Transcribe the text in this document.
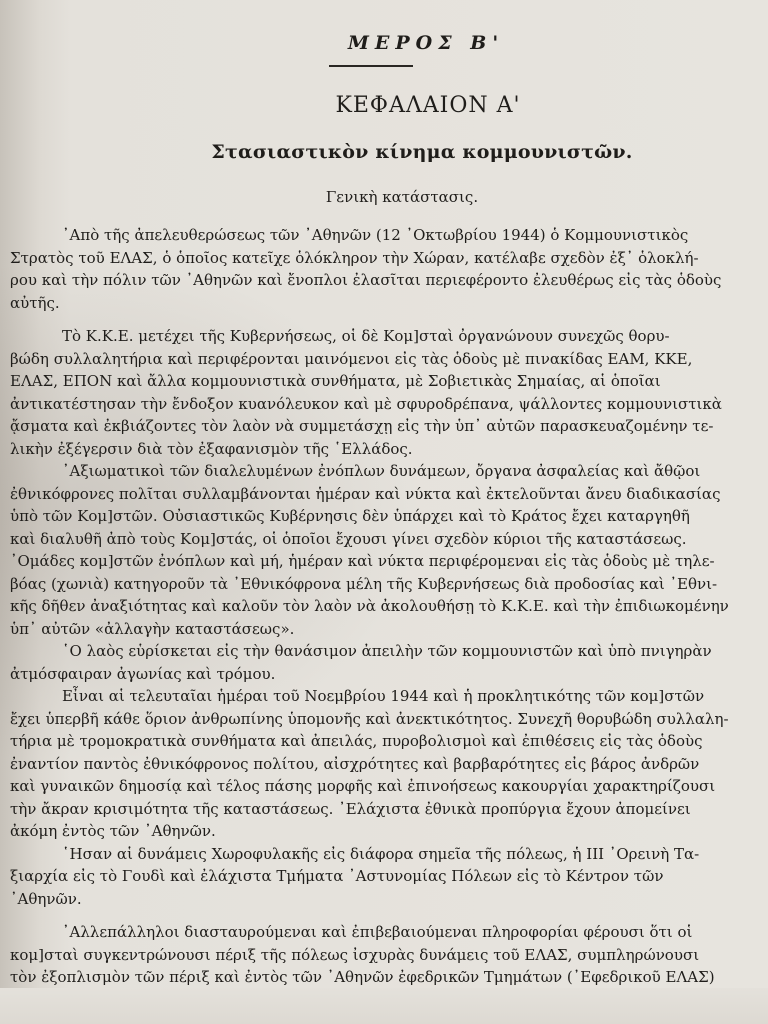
ΜΕΡΟΣ Β'
ΚΕΦΑΛΑΙΟΝ Α'
Στασιαστικὸν κίνημα κομμουνιστῶν.
Γενικὴ κατάστασις.
᾿Απὸ τῆς ἀπελευθερώσεως τῶν ᾿Αθηνῶν (12 ᾿Οκτωβρίου 1944) ὁ Κομμουνιστικὸς
Στρατὸς τοῦ ΕΛΑΣ, ὁ ὁποῖος κατεῖχε ὁλόκληρον τὴν Χώραν, κατέλαβε σχεδὸν ἐξ᾿ ὁλοκλή-
ρου καὶ τὴν πόλιν τῶν ᾿Αθηνῶν καὶ ἔνοπλοι ἐλασῖται περιεφέροντο ἐλευθέρως εἰς τὰς ὁδοὺς
αὐτῆς.
Τὸ Κ.Κ.Ε. μετέχει τῆς Κυβερνήσεως, οἱ δὲ Κομ]σταὶ ὀργανώνουν συνεχῶς θορυ-
βώδη συλλαλητήρια καὶ περιφέρονται μαινόμενοι εἰς τὰς ὁδοὺς μὲ πινακίδας ΕΑΜ, ΚΚΕ,
ΕΛΑΣ, ΕΠΟΝ καὶ ἄλλα κομμουνιστικὰ συνθήματα, μὲ Σοβιετικὰς Σημαίας, αἱ ὁποῖαι
ἀντικατέστησαν τὴν ἔνδοξον κυανόλευκον καὶ μὲ σφυροδρέπανα, ψάλλοντες κομμουνιστικὰ
ᾄσματα καὶ ἐκβιάζοντες τὸν λαὸν νὰ συμμετάσχῃ εἰς τὴν ὑπ᾿ αὐτῶν παρασκευαζομένην τε-
λικὴν ἐξέγερσιν διὰ τὸν ἐξαφανισμὸν τῆς ῾Ελλάδος.
᾿Αξιωματικοὶ τῶν διαλελυμένων ἐνόπλων δυνάμεων, ὄργανα ἀσφαλείας καὶ ἄθῷοι
ἐθνικόφρονες πολῖται συλλαμβάνονται ἡμέραν καὶ νύκτα καὶ ἐκτελοῦνται ἄνευ διαδικασίας
ὑπὸ τῶν Κομ]στῶν. Οὐσιαστικῶς Κυβέρνησις δὲν ὑπάρχει καὶ τὸ Κράτος ἔχει καταργηθῆ
καὶ διαλυθῆ ἀπὸ τοὺς Κομ]στάς, οἱ ὁποῖοι ἔχουσι γίνει σχεδὸν κύριοι τῆς καταστάσεως.
᾿Ομάδες κομ]στῶν ἐνόπλων καὶ μή, ἡμέραν καὶ νύκτα περιφέρομεναι εἰς τὰς ὁδοὺς μὲ τηλε-
βόας (χωνιὰ) κατηγοροῦν τὰ ᾿Εθνικόφρονα μέλη τῆς Κυβερνήσεως διὰ προδοσίας καὶ ᾿Εθνι-
κῆς δῆθεν ἀναξιότητας καὶ καλοῦν τὸν λαὸν νὰ ἀκολουθήσῃ τὸ Κ.Κ.Ε. καὶ τὴν ἐπιδιωκομένην
ὑπ᾿ αὐτῶν «ἀλλαγὴν καταστάσεως».
῾Ο λαὸς εὑρίσκεται εἰς τὴν θανάσιμον ἀπειλὴν τῶν κομμουνιστῶν καὶ ὑπὸ πνιγηρὰν
ἀτμόσφαιραν ἀγωνίας καὶ τρόμου.
Εἶναι αἱ τελευταῖαι ἡμέραι τοῦ Νοεμβρίου 1944 καὶ ἡ προκλητικότης τῶν κομ]στῶν
ἔχει ὑπερβῆ κάθε ὅριον ἀνθρωπίνης ὑπομονῆς καὶ ἀνεκτικότητος. Συνεχῆ θορυβώδη συλλαλη-
τήρια μὲ τρομοκρατικὰ συνθήματα καὶ ἀπειλάς, πυροβολισμοὶ καὶ ἐπιθέσεις εἰς τὰς ὁδοὺς
ἐναντίον παντὸς ἐθνικόφρονος πολίτου, αἰσχρότητες καὶ βαρβαρότητες εἰς βάρος ἀνδρῶν
καὶ γυναικῶν δημοσίᾳ καὶ τέλος πάσης μορφῆς καὶ ἐπινοήσεως κακουργίαι χαρακτηρίζουσι
τὴν ἄκραν κρισιμότητα τῆς καταστάσεως. ᾿Ελάχιστα ἐθνικὰ προπύργια ἔχουν ἀπομείνει
ἀκόμη ἐντὸς τῶν ᾿Αθηνῶν.
῾Ησαν αἱ δυνάμεις Χωροφυλακῆς εἰς διάφορα σημεῖα τῆς πόλεως, ἡ ΙΙΙ ᾿Ορεινὴ Τα-
ξιαρχία εἰς τὸ Γουδὶ καὶ ἐλάχιστα Τμήματα ᾿Αστυνομίας Πόλεων εἰς τὸ Κέντρον τῶν
᾿Αθηνῶν.
᾿Αλλεπάλληλοι διασταυρούμεναι καὶ ἐπιβεβαιούμεναι πληροφορίαι φέρουσι ὅτι οἱ
κομ]σταὶ συγκεντρώνουσι πέριξ τῆς πόλεως ἰσχυρὰς δυνάμεις τοῦ ΕΛΑΣ, συμπληρώνουσι
τὸν ἐξοπλισμὸν τῶν πέριξ καὶ ἐντὸς τῶν ᾿Αθηνῶν ἐφεδρικῶν Τμημάτων (᾿Εφεδρικοῦ ΕΛΑΣ)
